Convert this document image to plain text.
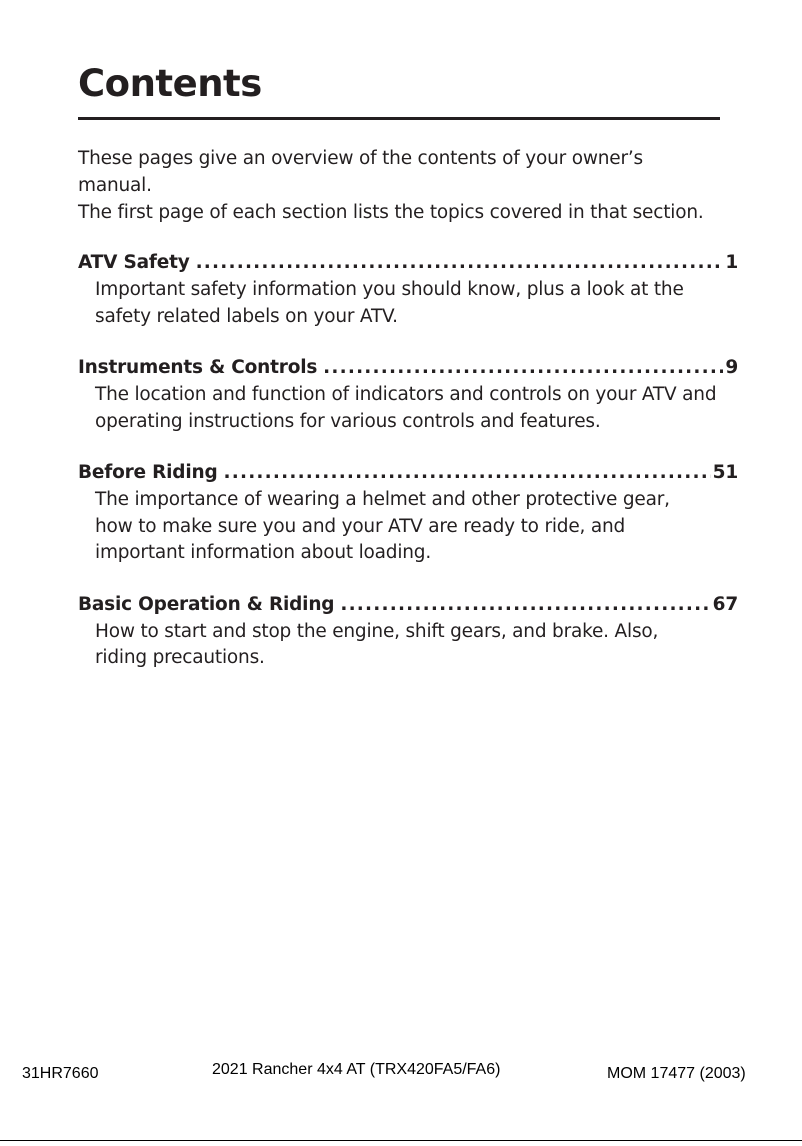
Contents

These pages give an overview of the contents of your owner’s manual.

The first page of each section lists the topics covered in that section.

ATV Safety .....	1

Important safety information you should know, plus a look at the safety related labels on your ATV.

Instruments & Controls .....	9

The location and function of indicators and controls on your ATV and operating instructions for various controls and features.

Before Riding .....	51

The importance of wearing a helmet and other protective gear, how to make sure you and your ATV are ready to ride, and important information about loading.

Basic Operation & Riding .....	67

How to start and stop the engine, shift gears, and brake. Also, riding precautions.

31HR7660	2021 Rancher 4x4 AT (TRX420FA5/FA6)	MOM 17477 (2003)
